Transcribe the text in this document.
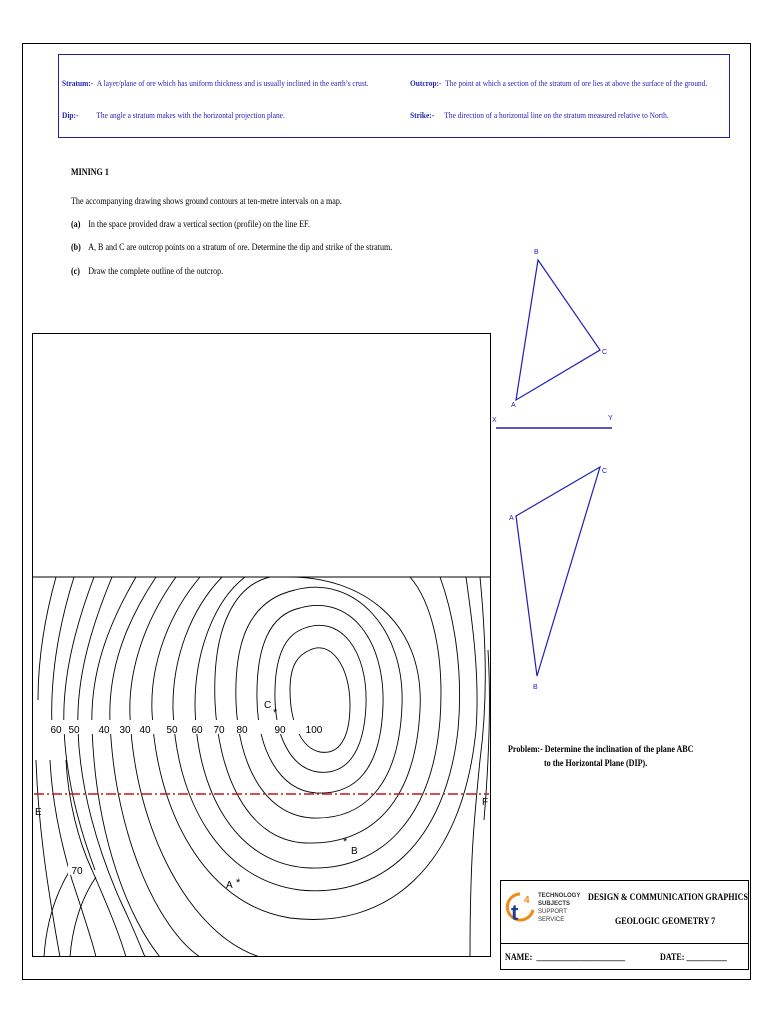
Stratum:- A layer/plane of ore which has uniform thickness and is usually inclined in the earth’s crust.	Outcrop:- The point at which a section of the stratum of ore lies at above the surface of the ground.
Dip:- The angle a stratum makes with the horizontal projection plane.	Strike:- The direction of a horizontal line on the stratum measured relative to North.
MINING 1
The accompanying drawing shows ground contours at ten-metre intervals on a map.
(a) In the space provided draw a vertical section (profile) on the line EF.
(b) A, B and C are outcrop points on a stratum of ore. Determine the dip and strike of the stratum.
(c) Draw the complete outline of the outcrop.
60 50 40 30 40 50 60 70 80	90 100
70
C
*
*
B
A *
E
F
B
C
A
X	Y
A
C
B
Problem:- Determine the inclination of the plane ABC
to the Horizontal Plane (DIP).
t 4 TECHNOLOGY
SUBJECTS
SUPPORT
SERVICE
DESIGN & COMMUNICATION GRAPHICS
GEOLOGIC GEOMETRY 7
NAME: ______________________	DATE: __________
